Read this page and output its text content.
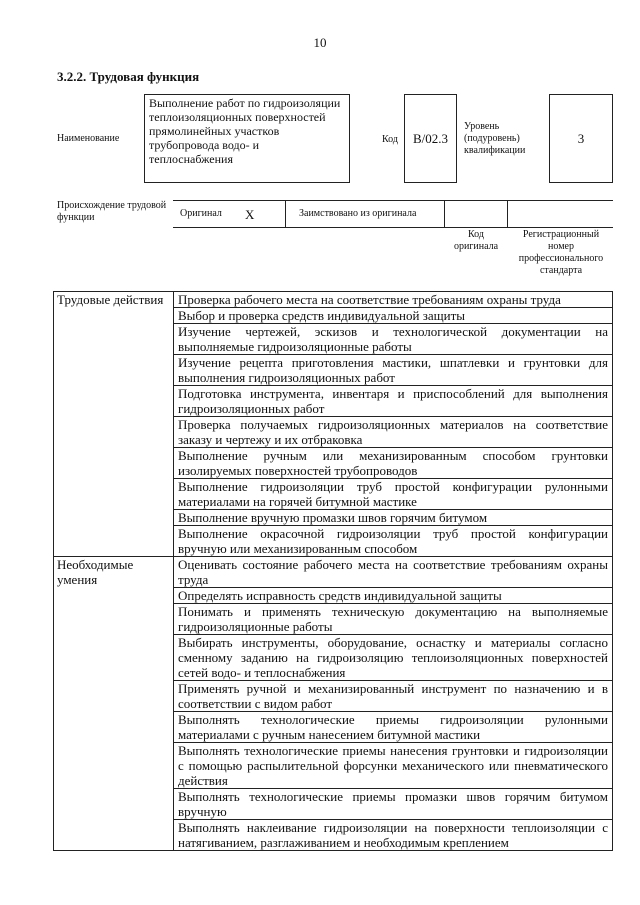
10
3.2.2. Трудовая функция
Наименование
Выполнение работ по гидроизоляции теплоизоляционных поверхностей прямолинейных участков трубопровода водо- и теплоснабжения
Код B/02.3
Уровень (подуровень) квалификации
3
Происхождение трудовой функции	Оригинал X	Заимствовано из оригинала
Код оригинала
Регистрационный номер профессионального стандарта
Трудовые действия	Проверка рабочего места на соответствие требованиям охраны труда
	Выбор и проверка средств индивидуальной защиты
	Изучение чертежей, эскизов и технологической документации на выполняемые гидроизоляционные работы
	Изучение рецепта приготовления мастики, шпатлевки и грунтовки для выполнения гидроизоляционных работ
	Подготовка инструмента, инвентаря и приспособлений для выполнения гидроизоляционных работ
	Проверка получаемых гидроизоляционных материалов на соответствие заказу и чертежу и их отбраковка
	Выполнение ручным или механизированным способом грунтовки изолируемых поверхностей трубопроводов
	Выполнение гидроизоляции труб простой конфигурации рулонными материалами на горячей битумной мастике
	Выполнение вручную промазки швов горячим битумом
	Выполнение окрасочной гидроизоляции труб простой конфигурации вручную или механизированным способом
Необходимые умения	Оценивать состояние рабочего места на соответствие требованиям охраны труда
	Определять исправность средств индивидуальной защиты
	Понимать и применять техническую документацию на выполняемые гидроизоляционные работы
	Выбирать инструменты, оборудование, оснастку и материалы согласно сменному заданию на гидроизоляцию теплоизоляционных поверхностей сетей водо- и теплоснабжения
	Применять ручной и механизированный инструмент по назначению и в соответствии с видом работ
	Выполнять технологические приемы гидроизоляции рулонными материалами с ручным нанесением битумной мастики
	Выполнять технологические приемы нанесения грунтовки и гидроизоляции с помощью распылительной форсунки механического или пневматического действия
	Выполнять технологические приемы промазки швов горячим битумом вручную
	Выполнять наклеивание гидроизоляции на поверхности теплоизоляции с натягиванием, разглаживанием и необходимым креплением
